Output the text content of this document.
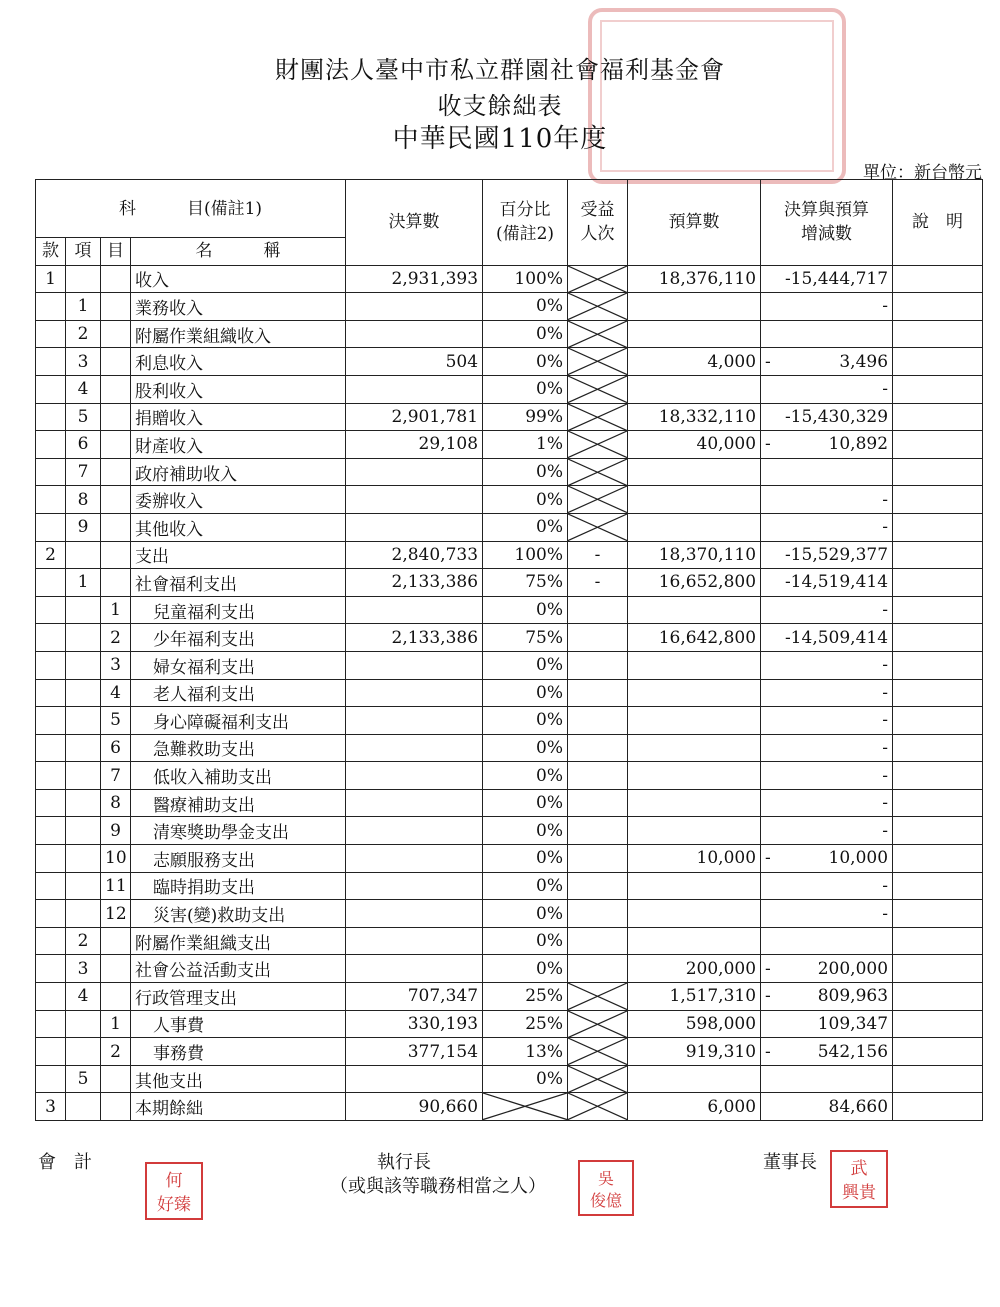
財團法人臺中市私立群園社會福利基金會
收支餘絀表
中華民國110年度
單位：新台幣元
科　　　目(備註1)				決算數	百分比
(備註2)	受益
人次	預算數	決算與預算
增減數	說　明
款	項	目	名　　　稱						
1			收入	2,931,393	100%		18,376,110	-15,444,717	

	1		業務收入		0%			-	

	2		附屬作業組織收入		0%	

	3		利息收入	504	0%		4,000	- 3,496	

	4		股利收入		0%			-	

	5		捐贈收入	2,901,781	99%		18,332,110	-15,430,329	

	6		財產收入	29,108	1%		40,000	- 10,892	

	7		政府補助收入		0%	

	8		委辦收入		0%			-	

	9		其他收入		0%			-	

2			支出	2,840,733	100%	-	18,370,110	-15,529,377	

	1		社會福利支出	2,133,386	75%	-	16,652,800	-14,519,414	

		1	兒童福利支出		0%			-	

		2	少年福利支出	2,133,386	75%		16,642,800	-14,509,414	

		3	婦女福利支出		0%			-	

		4	老人福利支出		0%			-	

		5	身心障礙福利支出		0%			-	

		6	急難救助支出		0%			-	

		7	低收入補助支出		0%			-	

		8	醫療補助支出		0%			-	

		9	清寒獎助學金支出		0%			-	

		10	志願服務支出		0%		10,000	- 10,000	

		11	臨時捐助支出		0%			-	

		12	災害(變)救助支出		0%			-	

	2		附屬作業組織支出		0%			

	3		社會公益活動支出		0%		200,000	- 200,000	

	4		行政管理支出	707,347	25%		1,517,310	- 809,963	

		1	人事費	330,193	25%		598,000	109,347	

		2	事務費	377,154	13%		919,310	- 542,156	

	5		其他支出		0%	

3			本期餘絀	90,660			6,000	84,660	

會　計	執行長
（或與該等職務相當之人）
董事長
何
好臻
吳
俊億
武
興貴
